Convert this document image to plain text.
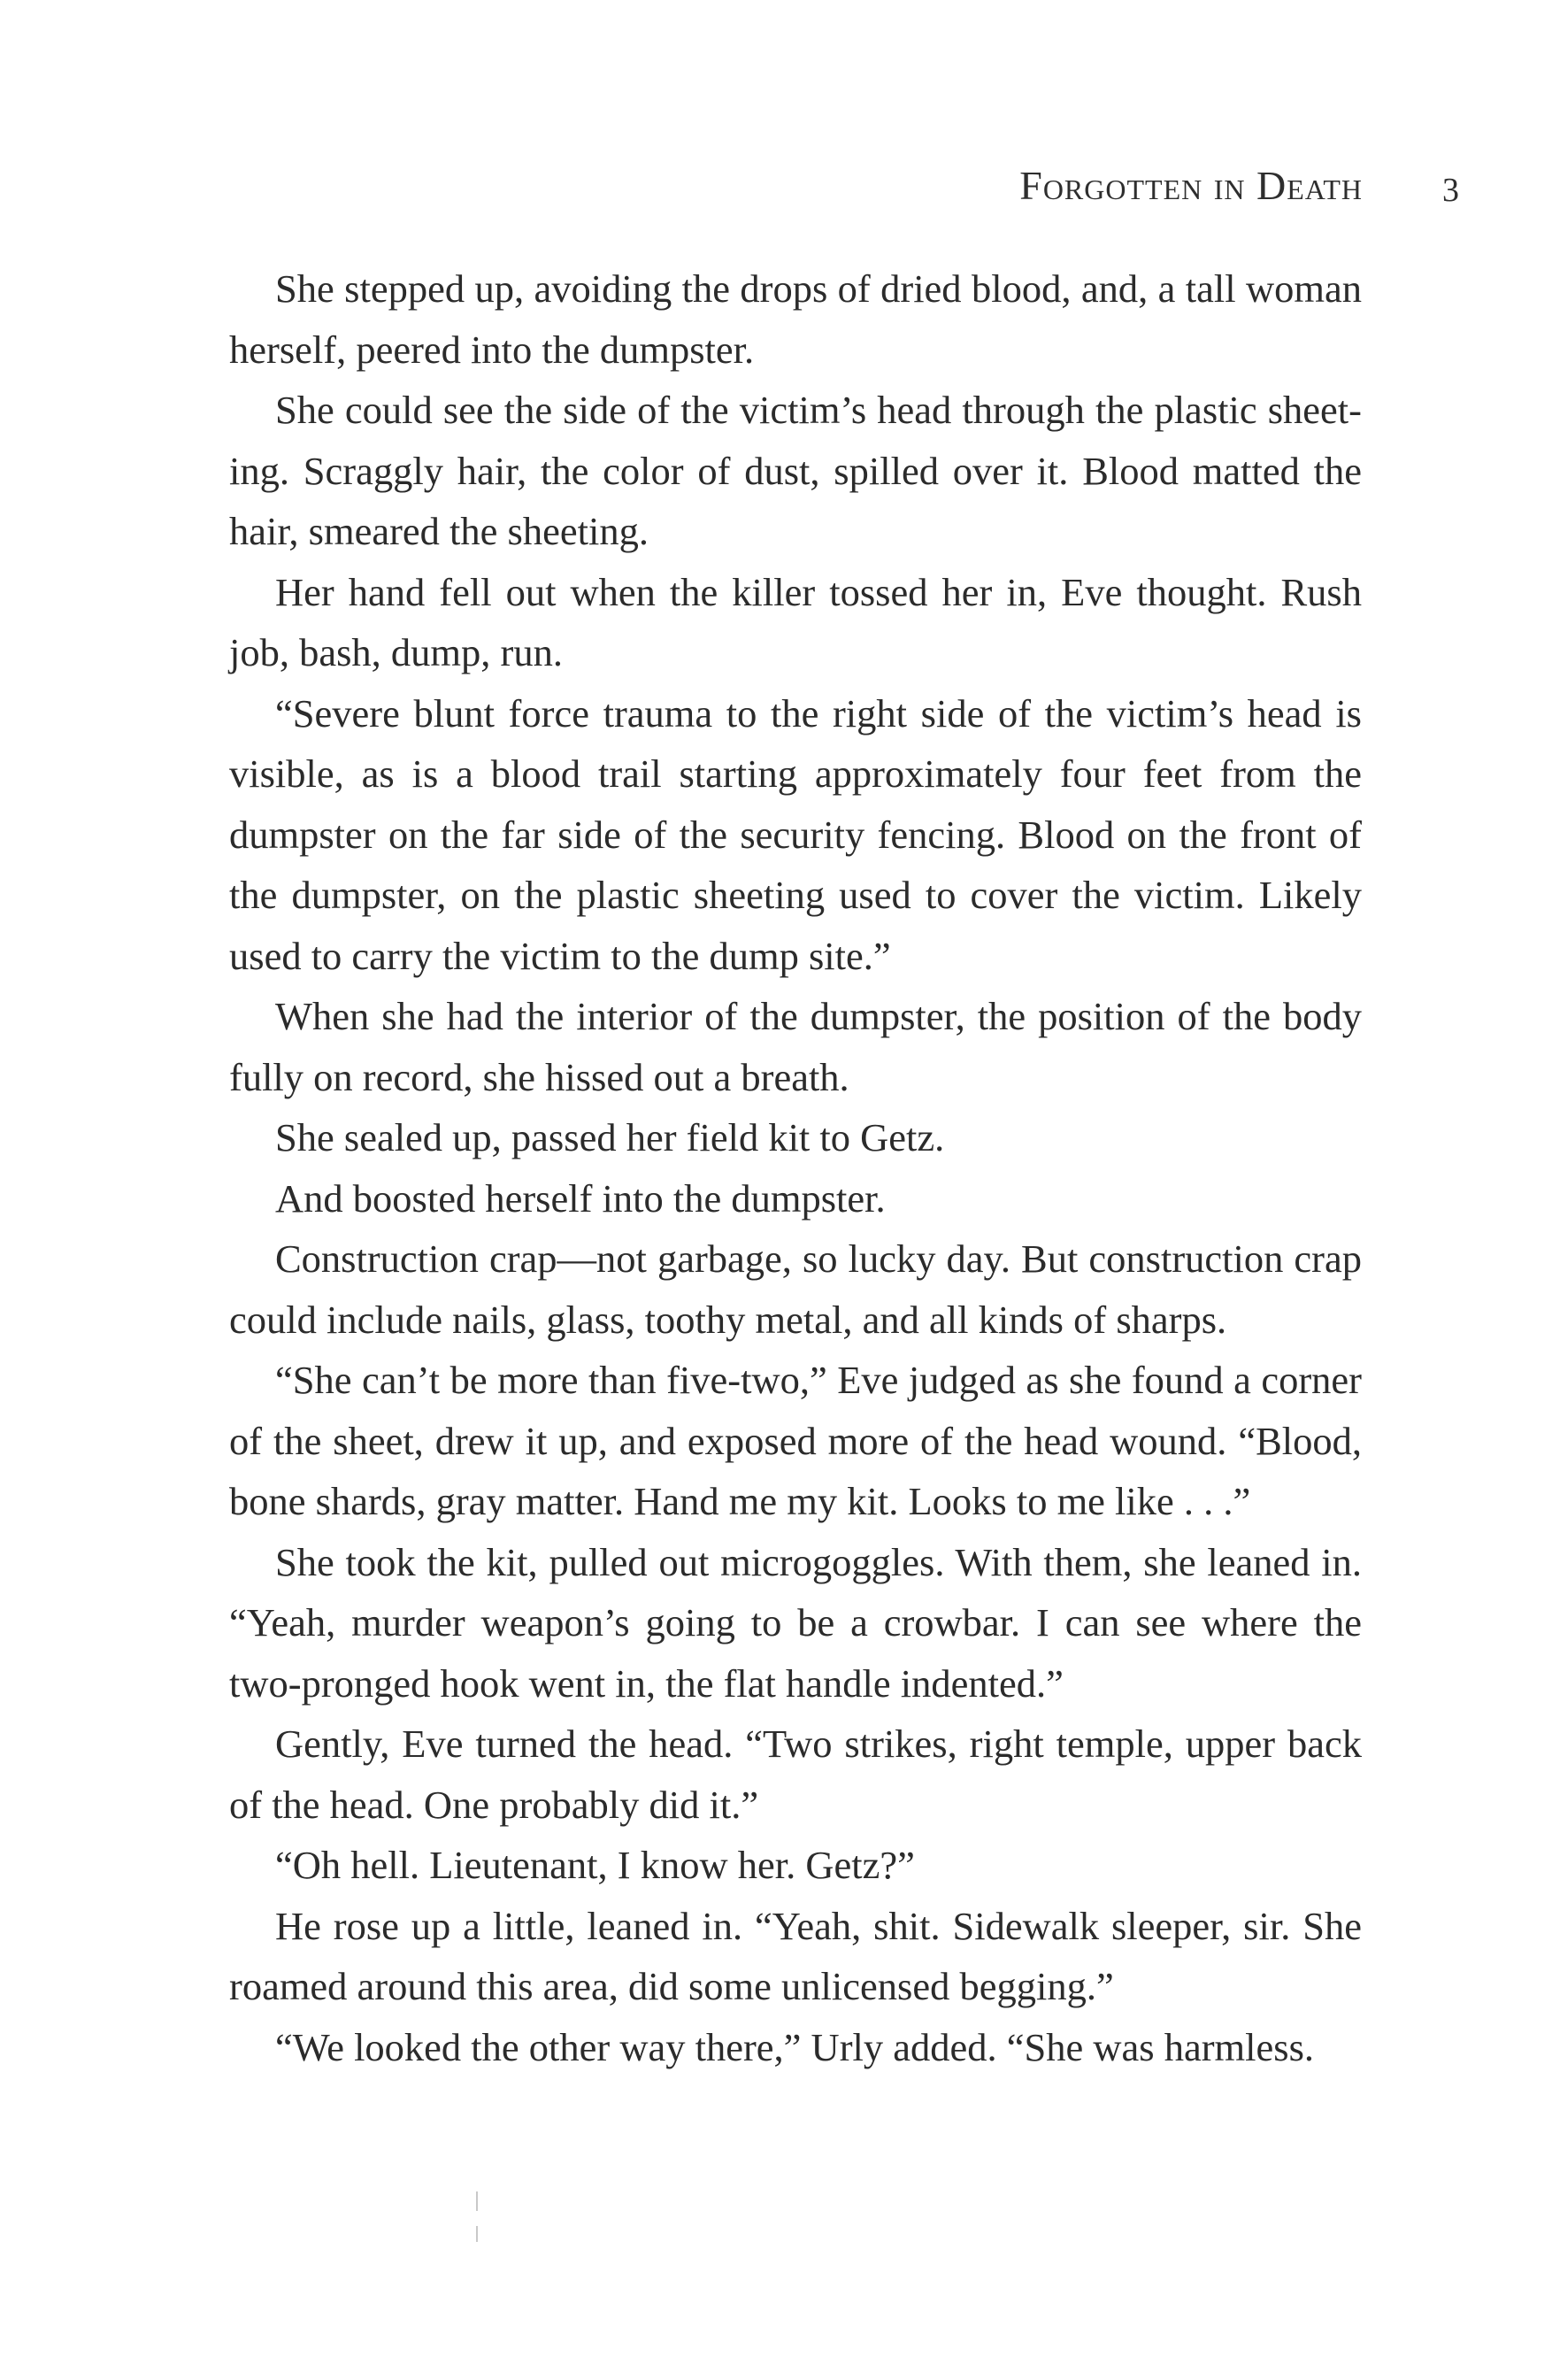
Forgotten in Death 3

She stepped up, avoiding the drops of dried blood, and, a tall woman herself, peered into the dumpster.

She could see the side of the victim’s head through the plastic sheeting. Scraggly hair, the color of dust, spilled over it. Blood matted the hair, smeared the sheeting.

Her hand fell out when the killer tossed her in, Eve thought. Rush job, bash, dump, run.

“Severe blunt force trauma to the right side of the victim’s head is visible, as is a blood trail starting approximately four feet from the dumpster on the far side of the security fencing. Blood on the front of the dumpster, on the plastic sheeting used to cover the victim. Likely used to carry the victim to the dump site.”

When she had the interior of the dumpster, the position of the body fully on record, she hissed out a breath.

She sealed up, passed her field kit to Getz.

And boosted herself into the dumpster.

Construction crap—not garbage, so lucky day. But construction crap could include nails, glass, toothy metal, and all kinds of sharps.

“She can’t be more than five-two,” Eve judged as she found a corner of the sheet, drew it up, and exposed more of the head wound. “Blood, bone shards, gray matter. Hand me my kit. Looks to me like . . .”

She took the kit, pulled out microgoggles. With them, she leaned in. “Yeah, murder weapon’s going to be a crowbar. I can see where the two-pronged hook went in, the flat handle indented.”

Gently, Eve turned the head. “Two strikes, right temple, upper back of the head. One probably did it.”

“Oh hell. Lieutenant, I know her. Getz?”

He rose up a little, leaned in. “Yeah, shit. Sidewalk sleeper, sir. She roamed around this area, did some unlicensed begging.”

“We looked the other way there,” Urly added. “She was harmless.
